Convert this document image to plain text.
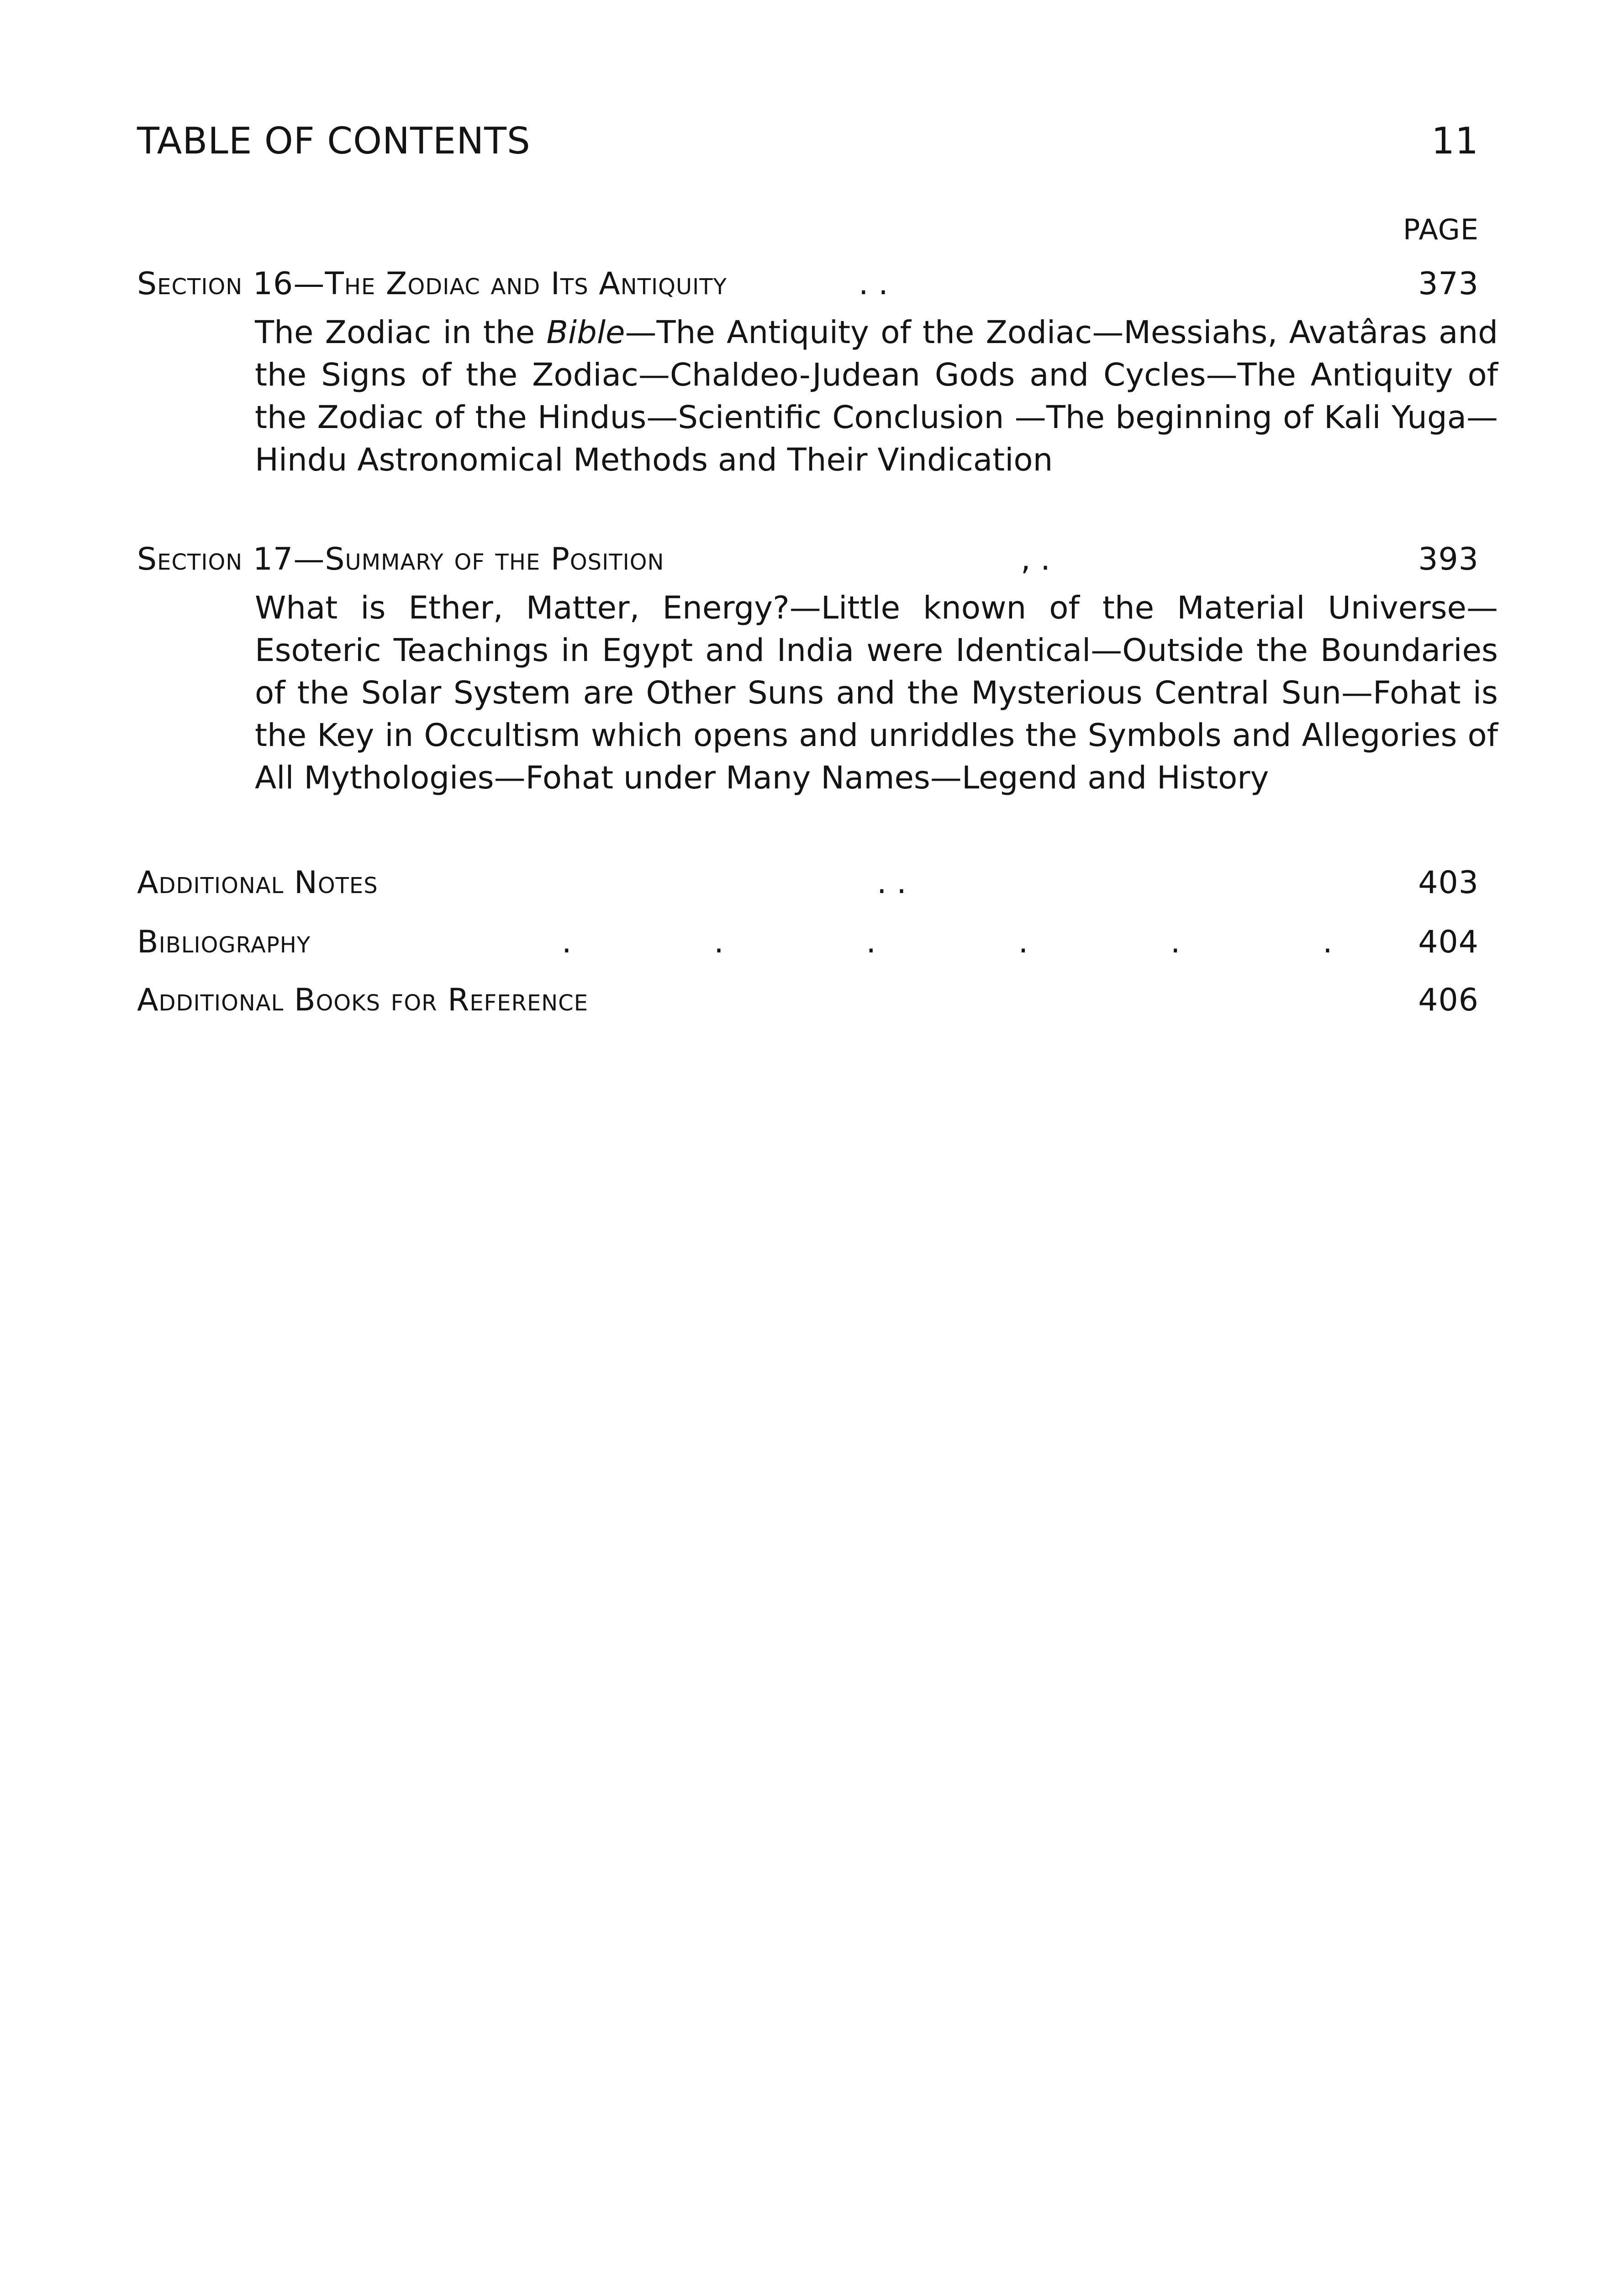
TABLE OF CONTENTS	11
PAGE
Section 16—The Zodiac and Its Antiquity	. .	373
The Zodiac in the Bible—The Antiquity of the Zodiac—Messiahs, Avatâras and the Signs of the Zodiac—Chaldeo-Judean Gods and Cycles—The Antiquity of the Zodiac of the Hindus—Scientific Conclusion —The beginning of Kali Yuga—Hindu Astronomical Methods and Their Vindication
Section 17—Summary of the Position	, .	393
What is Ether, Matter, Energy?—Little known of the Material Universe—Esoteric Teachings in Egypt and India were Identical—Outside the Boundaries of the Solar System are Other Suns and the Mysterious Central Sun—Fohat is the Key in Occultism which opens and unriddles the Symbols and Allegories of All Mythologies—Fohat under Many Names—Legend and History
Additional Notes	. .	403
Bibliography	. . . . . .	404
Additional Books for Reference	406
